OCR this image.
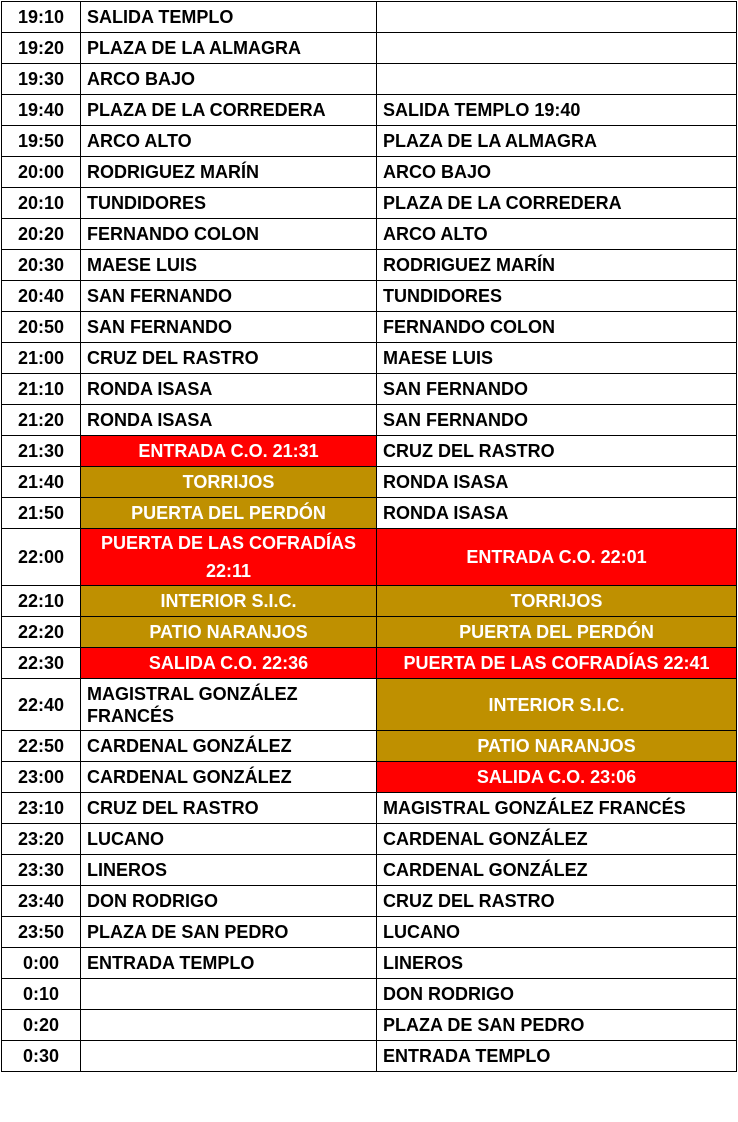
19:10	SALIDA TEMPLO	
19:20	PLAZA DE LA ALMAGRA	
19:30	ARCO BAJO	
19:40	PLAZA DE LA CORREDERA	SALIDA TEMPLO 19:40
19:50	ARCO ALTO	PLAZA DE LA ALMAGRA
20:00	RODRIGUEZ MARÍN	ARCO BAJO
20:10	TUNDIDORES	PLAZA DE LA CORREDERA
20:20	FERNANDO COLON	ARCO ALTO
20:30	MAESE LUIS	RODRIGUEZ MARÍN
20:40	SAN FERNANDO	TUNDIDORES
20:50	SAN FERNANDO	FERNANDO COLON
21:00	CRUZ DEL RASTRO	MAESE LUIS
21:10	RONDA ISASA	SAN FERNANDO
21:20	RONDA ISASA	SAN FERNANDO
21:30	ENTRADA C.O. 21:31	CRUZ DEL RASTRO
21:40	TORRIJOS	RONDA ISASA
21:50	PUERTA DEL PERDÓN	RONDA ISASA
22:00	PUERTA DE LAS COFRADÍAS 22:11	ENTRADA C.O. 22:01
22:10	INTERIOR S.I.C.	TORRIJOS
22:20	PATIO NARANJOS	PUERTA DEL PERDÓN
22:30	SALIDA C.O. 22:36	PUERTA DE LAS COFRADÍAS 22:41
22:40	MAGISTRAL GONZÁLEZ FRANCÉS	INTERIOR S.I.C.
22:50	CARDENAL GONZÁLEZ	PATIO NARANJOS
23:00	CARDENAL GONZÁLEZ	SALIDA C.O. 23:06
23:10	CRUZ DEL RASTRO	MAGISTRAL GONZÁLEZ FRANCÉS
23:20	LUCANO	CARDENAL GONZÁLEZ
23:30	LINEROS	CARDENAL GONZÁLEZ
23:40	DON RODRIGO	CRUZ DEL RASTRO
23:50	PLAZA DE SAN PEDRO	LUCANO
0:00	ENTRADA TEMPLO	LINEROS
0:10		DON RODRIGO
0:20		PLAZA DE SAN PEDRO
0:30		ENTRADA TEMPLO
